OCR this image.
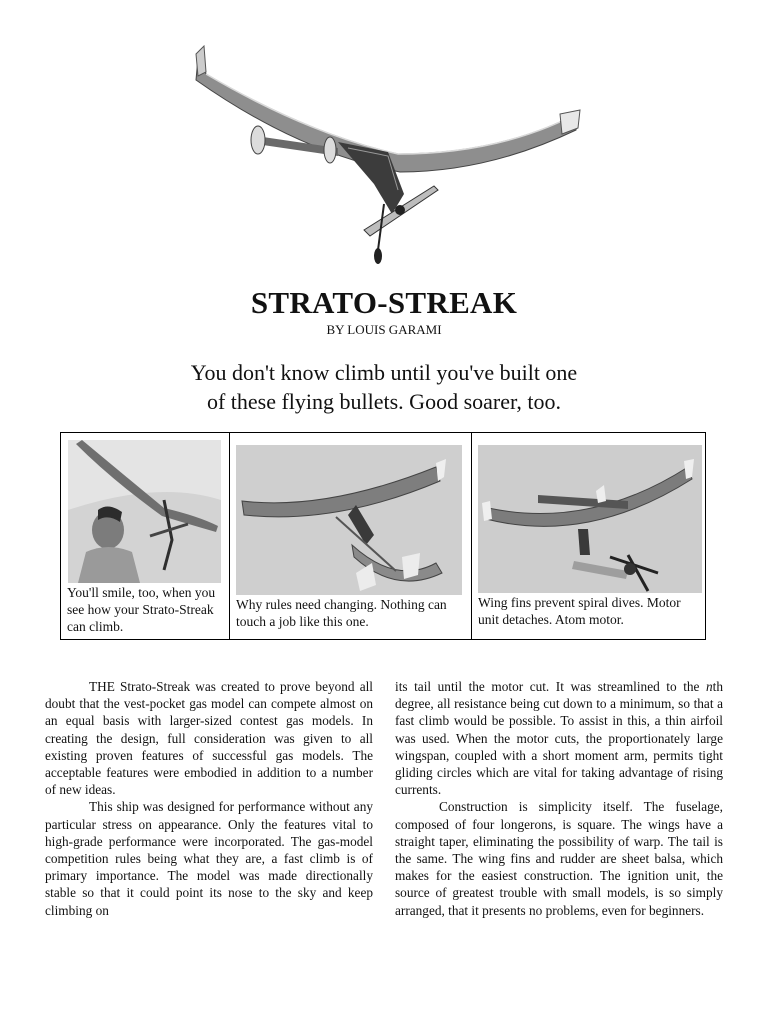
STRATO-STREAK
BY LOUIS GARAMI
You don't know climb until you've built one
of these flying bullets. Good soarer, too.
You'll smile, too, when you see how your Strato-Streak can climb.
Why rules need changing. Nothing can touch a job like this one.
Wing fins prevent spiral dives. Motor unit detaches. Atom motor.

THE Strato-Streak was created to prove beyond all doubt that the vest-pocket gas model can compete almost on an equal basis with larger-sized contest gas models. In creating the design, full consideration was given to all existing proven features of successful gas models. The acceptable features were embodied in addition to a number of new ideas.

This ship was designed for performance without any particular stress on appearance. Only the features vital to high-grade performance were incorporated. The gas-model competition rules being what they are, a fast climb is of primary importance. The model was made directionally stable so that it could point its nose to the sky and keep climbing on

its tail until the motor cut. It was streamlined to the nth degree, all resistance being cut down to a minimum, so that a fast climb would be possible. To assist in this, a thin airfoil was used. When the motor cuts, the proportionately large wingspan, coupled with a short moment arm, permits tight gliding circles which are vital for taking advantage of rising currents.

Construction is simplicity itself. The fuselage, composed of four longerons, is square. The wings have a straight taper, eliminating the possibility of warp. The tail is the same. The wing fins and rudder are sheet balsa, which makes for the easiest construction. The ignition unit, the source of greatest trouble with small models, is so simply arranged, that it presents no problems, even for beginners.
